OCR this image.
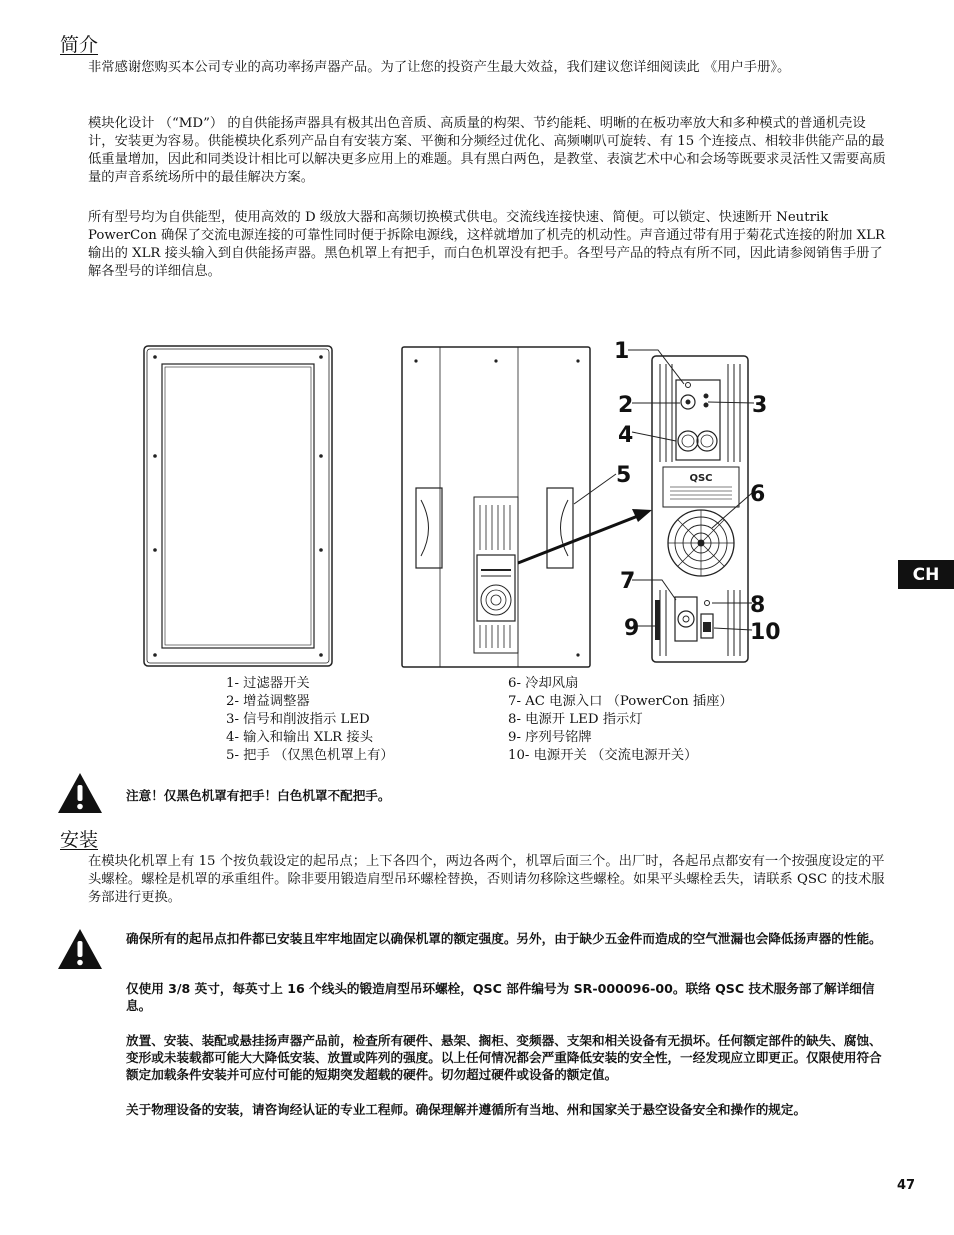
简介

非常感谢您购买本公司专业的高功率扬声器产品。为了让您的投资产生最大效益，我们建议您详细阅读此 《用户手册》。

模块化设计 （“MD”） 的自供能扬声器具有极其出色音质、高质量的构架、节约能耗、明晰的在板功率放大和多种模式的普通机壳设计，安装更为容易。供能模块化系列产品自有安装方案、平衡和分频经过优化、高频喇叭可旋转、有 15 个连接点、相较非供能产品的最低重量增加，因此和同类设计相比可以解决更多应用上的难题。具有黑白两色，是教堂、表演艺术中心和会场等既要求灵活性又需要高质量的声音系统场所中的最佳解决方案。

所有型号均为自供能型，使用高效的 D 级放大器和高频切换模式供电。交流线连接快速、简便。可以锁定、快速断开 Neutrik PowerCon 确保了交流电源连接的可靠性同时便于拆除电源线，这样就增加了机壳的机动性。声音通过带有用于菊花式连接的附加 XLR 输出的 XLR 接头输入到自供能扬声器。黑色机罩上有把手，而白色机罩没有把手。各型号产品的特点有所不同，因此请参阅销售手册了解各型号的详细信息。

QSC
1
2	3
4
5
6
7
8
9	10
1- 过滤器开关
2- 增益调整器
3- 信号和削波指示 LED
4- 输入和输出 XLR 接头
5- 把手 （仅黑色机罩上有）
6- 冷却风扇
7- AC 电源入口 （PowerCon 插座）
8- 电源开 LED 指示灯
9- 序列号铭牌
10- 电源开关 （交流电源开关）

注意！仅黑色机罩有把手！白色机罩不配把手。

安装

在模块化机罩上有 15 个按负载设定的起吊点；上下各四个，两边各两个，机罩后面三个。出厂时，各起吊点都安有一个按强度设定的平头螺栓。螺栓是机罩的承重组件。除非要用锻造肩型吊环螺栓替换，否则请勿移除这些螺栓。如果平头螺栓丢失，请联系 QSC 的技术服务部进行更换。

确保所有的起吊点扣件都已安装且牢牢地固定以确保机罩的额定强度。另外，由于缺少五金件而造成的空气泄漏也会降低扬声器的性能。

仅使用 3/8 英寸，每英寸上 16 个线头的锻造肩型吊环螺栓，QSC 部件编号为 SR-000096-00。联络 QSC 技术服务部了解详细信息。

放置、安装、装配或悬挂扬声器产品前，检查所有硬件、悬架、搁柜、变频器、支架和相关设备有无损坏。任何额定部件的缺失、腐蚀、变形或未装载都可能大大降低安装、放置或阵列的强度。以上任何情况都会严重降低安装的安全性，一经发现应立即更正。仅限使用符合额定加载条件安装并可应付可能的短期突发超载的硬件。切勿超过硬件或设备的额定值。

关于物理设备的安装，请咨询经认证的专业工程师。确保理解并遵循所有当地、州和国家关于悬空设备安全和操作的规定。

CH
47
